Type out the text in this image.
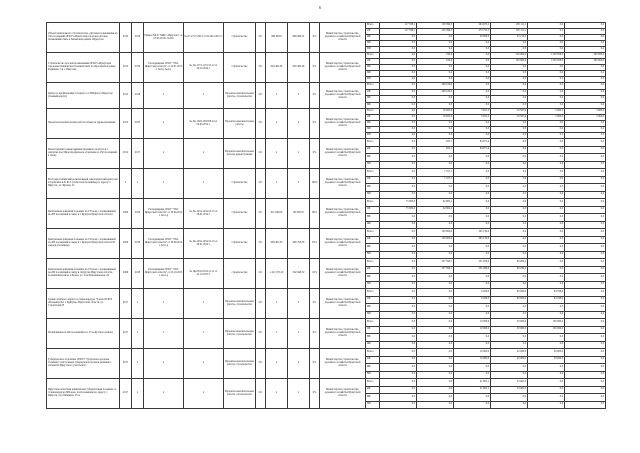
6
Объект капитального строительства «Детские поликлиники на 150 посещений ОГАУЗ «Иркутская городская детская поликлиника №6» в Ленинском районе г.Иркутска	2013	2018	Приказ МСР "МКС г.Иркутска" от 07.05.2013г. №19а	№ 07-27.07.2013 от 02.2012.2013 г.	строительство	ОС	990 663,8	986 668,14	0%	Министерство строительства, дорожного хозяйства Иркутской области	Всего	117 338,1	130 399,5	294 970,2	195 111,1	0,0	0,0
											ОБ	117 338,1	130 399,5	272 755,5	195 111,1	0,0	0,0
											ФБ	0,0	0,0	20 000,0	22 213,6	0,0	0,0
											МБ	0,0	0,0	0,0	0,0	0,0	0,0
											ВИ	0,0	0,0	0,0	0,0	0,0	0,0
Строительство детской поликлиники ОГАУЗ «Иркутская городская клиническая больница №8» по Ярославской улице Радищева, 5 в г. Иркутске	2015	2019	Распоряжение ОГКУ "УКС Иркутской области" от 22.01.2015 г. №3-р, №4-р	№ Дк-1173-1173/12-12 от 20.12.2014 г.	строительство	ОС	629 482,28	629 482,28	0%	Министерство строительства, дорожного хозяйства Иркутской области	Всего	0,0	190,6	0,0	150 000,0	1 250 058,0	300 000,0
											ОБ	0,0	184,6	0,0	150 000,0	1 250 058,0	300 000,0
											ФБ	0,0	0,0	0,0	0,0	0,0	0,0
											МБ	0,0	0,0	0,0	0,0	0,0	0,0
											ВИ	0,0	0,0	0,0	0,0	0,0	0,0
Центр по профилактике и борьбе со СПИДом в г.Иркутске (главный корпус)	2015	2018	х	х	Проектно-изыскательские работы, строительство	ОС	х	х	0%	Министерство строительства, дорожного хозяйства Иркутской области	Всего	0,0	206 109,0	0,0	0,0	0,0	0,0
											ОБ	0,0	206 109,0	0,0	0,0	0,0	0,0
											ФБ	0,0	0,0	0,0	0,0	0,0	0,0
											МБ	0,0	0,0	0,0	0,0	0,0	0,0
Проектно-изыскательские работы объектов здравоохранения	2013	2025	х	№ Дк-1302-1302/06.14 от 04.03.2014 г.	Проектно-изыскательские работы	ОС	х	х	0%	Министерство строительства, дорожного хозяйства Иркутской области	Всего	0,0	19 925,6	5 631,2	16 567,9	5 000,0	5 000,0
											ОБ	0,0	19 925,6	5 631,2	16 567,9	5 000,0	5 000,0
											ФБ	0,0	0,0	0,0	0,0	0,0	0,0
											МБ	0,0	0,0	0,0	0,0	0,0	0,0
											ВИ	0,0	0,0	0,0	0,0	0,0	0,0
Реконструкция здания административного корпуса в г. Ангарске под Многопрофильное отделение на 150 посещений в смену	2012	2017	х	х	Проектно-изыскательские работы, реконструкция	ОС	х	х	0%	Министерство строительства, дорожного хозяйства Иркутской области	Всего	0,0	655,1	84 871,4	0,0	0,0	0,0
											ОБ	0,0	655,1	84 871,4	0,0	0,0	0,0
											ФБ	0,0	0,0	0,0	0,0	0,0	0,0
											МБ	0,0	0,0	0,0	0,0	0,0	0,0
Восточно-Сибирский региональный онкологический центр им. Г.Горбачева А.Б. Ф.Т. (областной больницы) по адресу: г. Иркутск, ул. Фрунзе, 32	х	х	х	х	строительство	ОС	х	х	100%	Министерство строительства, дорожного хозяйства Иркутской области	Всего	0,0	1 557,1	0,0	0,0	0,0	0,0
											ОБ	0,0	1 557,1	0,0	0,0	0,0	0,0
											ФБ	0,0	0,0	0,0	0,0	0,0	0,0
											МБ	0,0	0,0	0,0	0,0	0,0	0,0
Центральная районная больница на 155 коек с поликлиникой на 200 посещений в смену в г. Куртуне Иркутской области	2006	2016	Распоряжение ОГКУ "УКС Иркутской области" от 30.09.2014 г. №51-р	№ Дк-1454-1454/12-13 от 28.01.2014 г.	строительство	ОС	611 040,00	66 358,70	89%	Министерство строительства, дорожного хозяйства Иркутской области	Всего	75 000,0	92 962,2	0,0	0,0	0,0	0,0
											ОБ	75 000,0	92 962,2	0,0	0,0	0,0	0,0
											ФБ	0,0	0,0	0,0	0,0	0,0	0,0
											МБ	0,0	0,0	0,0	0,0	0,0	0,0
Центральная районная больница на 155 коек с поликлиникой на 200 посещений в смену в г. Куртуне Иркутской области II очередь (больница)	2006	2018	Распоряжение ОГКУ "УКС Иркутской области" от 30.09.2014 г. №51-р	№ Дк-1454-1454/12-13 от 28.01.2014 г.	строительство	ОС	909 481,50	480 758,50	63%	Министерство строительства, дорожного хозяйства Иркутской области	Всего	0,0	130 000,0	305 130,0	0,0	0,0	0,0
											ОБ	0,0	130 000,0	305 130,0	0,0	0,0	0,0
											ФБ	0,0	0,0	0,0	0,0	0,0	0,0
											МБ	0,0	0,0	0,0	0,0	0,0	0,0
Центральная районная больница на 155 коек с поликлиникой на 200 посещений в смену в г.Куртуне Иркутской области, больничный район, в Бохан, ул. 3 км Баклашинская, 1Б	2006	2018	Распоряжение ОГКУ "УКС Иркутской области" от 25.10.2013 г. №51-р	№ Дк-0516-0516/11.12 от 22.10.2013 г.	строительство	ОС	1 411 075,20	562 848,10	45%	Министерство строительства, дорожного хозяйства Иркутской области	Всего	0,0	237 598,1	231 959,0	90 280,2	0,0	0,0
											ОБ	0,0	237 598,1	231 959,0	90 280,2	0,0	0,0
											ФБ	0,0	0,0	0,0	0,0	0,0	0,0
											МБ	0,0	0,0	0,0	0,0	0,0	0,0
Здание лечебного корпуса (стационара) на 70 коек ОГБУЗ «Больница №1 г. Куйтуна» Иркутской области, ул. Строителей,33	2017	х	х	х	Проектно-изыскательские работы, строительство	ОС	х	х	0%	Министерство строительства, дорожного хозяйства Иркутской области	Всего	0,0	0,0	6 200,0	80 000,0	84 768,0	0,0
											ОБ	0,0	0,0	6 200,0	80 000,0	84 768,0	0,0
											ФБ	0,0	0,0	0,0	0,0	0,0	0,0
											МБ	0,0	0,0	0,0	0,0	0,0	0,0
Поликлиника на 200 посещений в п. Усть-Кутского района	2017	х	х	х	Проектно-изыскательские работы, строительство	ОС	х	х	0%	Министерство строительства, дорожного хозяйства Иркутской области	Всего	0,0	0,0	10 000,0	30 000,0	130 000,0	0,0
											ОБ	0,0	0,0	10 000,0	30 000,0	130 000,0	0,0
											ФБ	0,0	0,0	0,0	0,0	0,0	0,0
											МБ	0,0	0,0	0,0	0,0	0,0	0,0
Туберкулезное отделение ОГБУЗ "Тулунская городская больница" для больных туберкулезом органов дыхания в лобанятах Иркутского участкового	2017	х	х	х	Проектно-изыскательские работы, строительство	ОС	х	х	0%	Министерство строительства, дорожного хозяйства Иркутской области	Всего	0,0	0,0	10 000,0	20 000,0	30 000,0	0,0
											ОБ	0,0	0,0	10 000,0	20 000,0	30 000,0	0,0
											ФБ	0,0	0,0	0,0	0,0	0,0	0,0
											МБ	0,0	0,0	0,0	0,0	0,0	0,0
Иркутская областная клиническая туберкулезная больница со стационаром на 800 коек, расположенная по адресу: г. Иркутск, бул. Рябикова, 23 А	2017	х	х	х	Проектно-изыскательские работы, строительство	ОС	х	х	0%	Министерство строительства, дорожного хозяйства Иркутской области	Всего	0,0	0,0	41 905,1	53 462,5	0,0	0,0
											ОБ	0,0	0,0	41 905,1	53 462,5	0,0	0,0
											ФБ	0,0	0,0	0,0	0,0	0,0	0,0
											МБ	0,0	0,0	0,0	0,0	0,0	0,0
